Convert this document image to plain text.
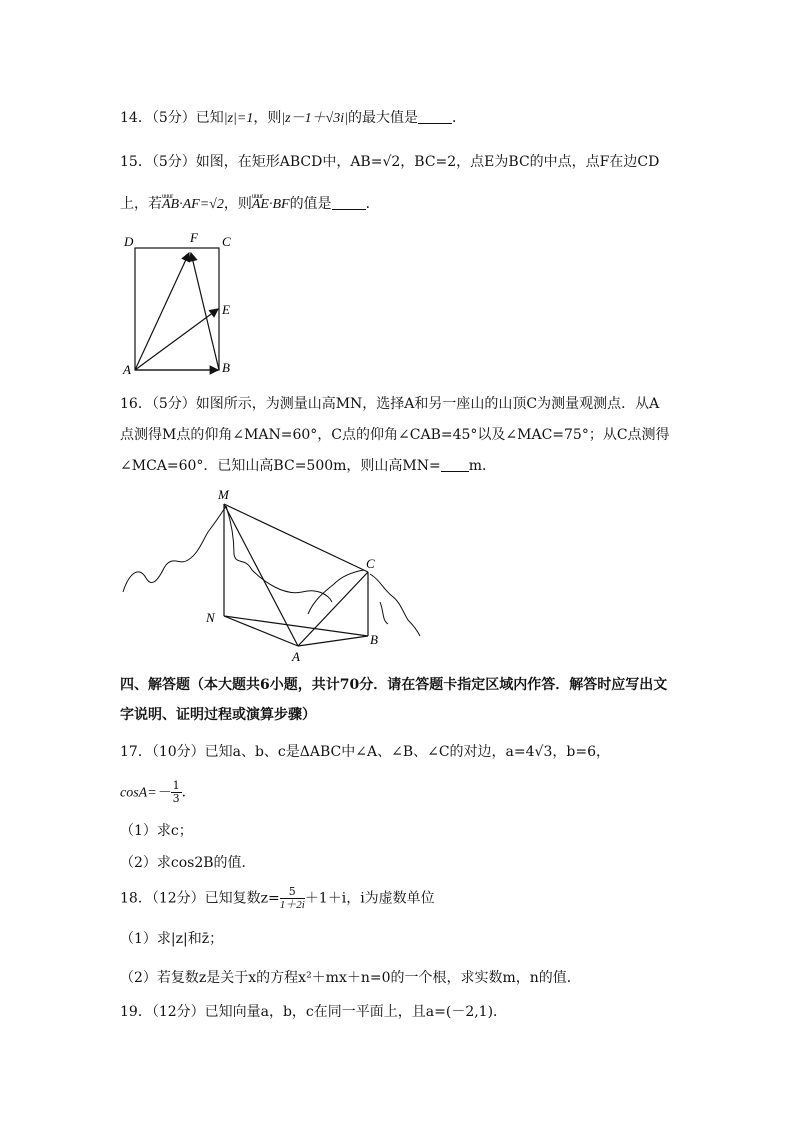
14．（5分）已知|z|=1，则|z－1＋√3i|的最大值是 ．
15．（5分）如图，在矩形ABCD中，AB=√2，BC=2，点E为BC的中点，点F在边CD
上，若uuur AB·AF=√2，则uuur AE·BF的值是 ．
D	F C
E
A	B
16．（5分）如图所示，为测量山高MN，选择A和另一座山的山顶C为测量观测点．从A
点测得M点的仰角∠MAN=60°，C点的仰角∠CAB=45°以及∠MAC=75°；从C点测得
∠MCA=60°．已知山高BC=500m，则山高MN= m．
M
C
N
B
A
四、解答题（本大题共6小题，共计70分．请在答题卡指定区域内作答．解答时应写出文
字说明、证明过程或演算步骤）
17．（10分）已知a、b、c是ΔABC中∠A、∠B、∠C的对边，a=4√3，b=6，
$\cos A=- \frac{1}{3}$ ．
（1）求c；
（2）求cos2B的值．
18．（12分）已知复数$z= \frac{5}{1+2i} +1+i$，i为虚数单位
（1）求|z|和z̄；
（2）若复数z是关于x的方程x²＋mx＋n=0的一个根，求实数m，n的值．
19．（12分）已知向量a，b，c在同一平面上，且a=(－2,1)．
